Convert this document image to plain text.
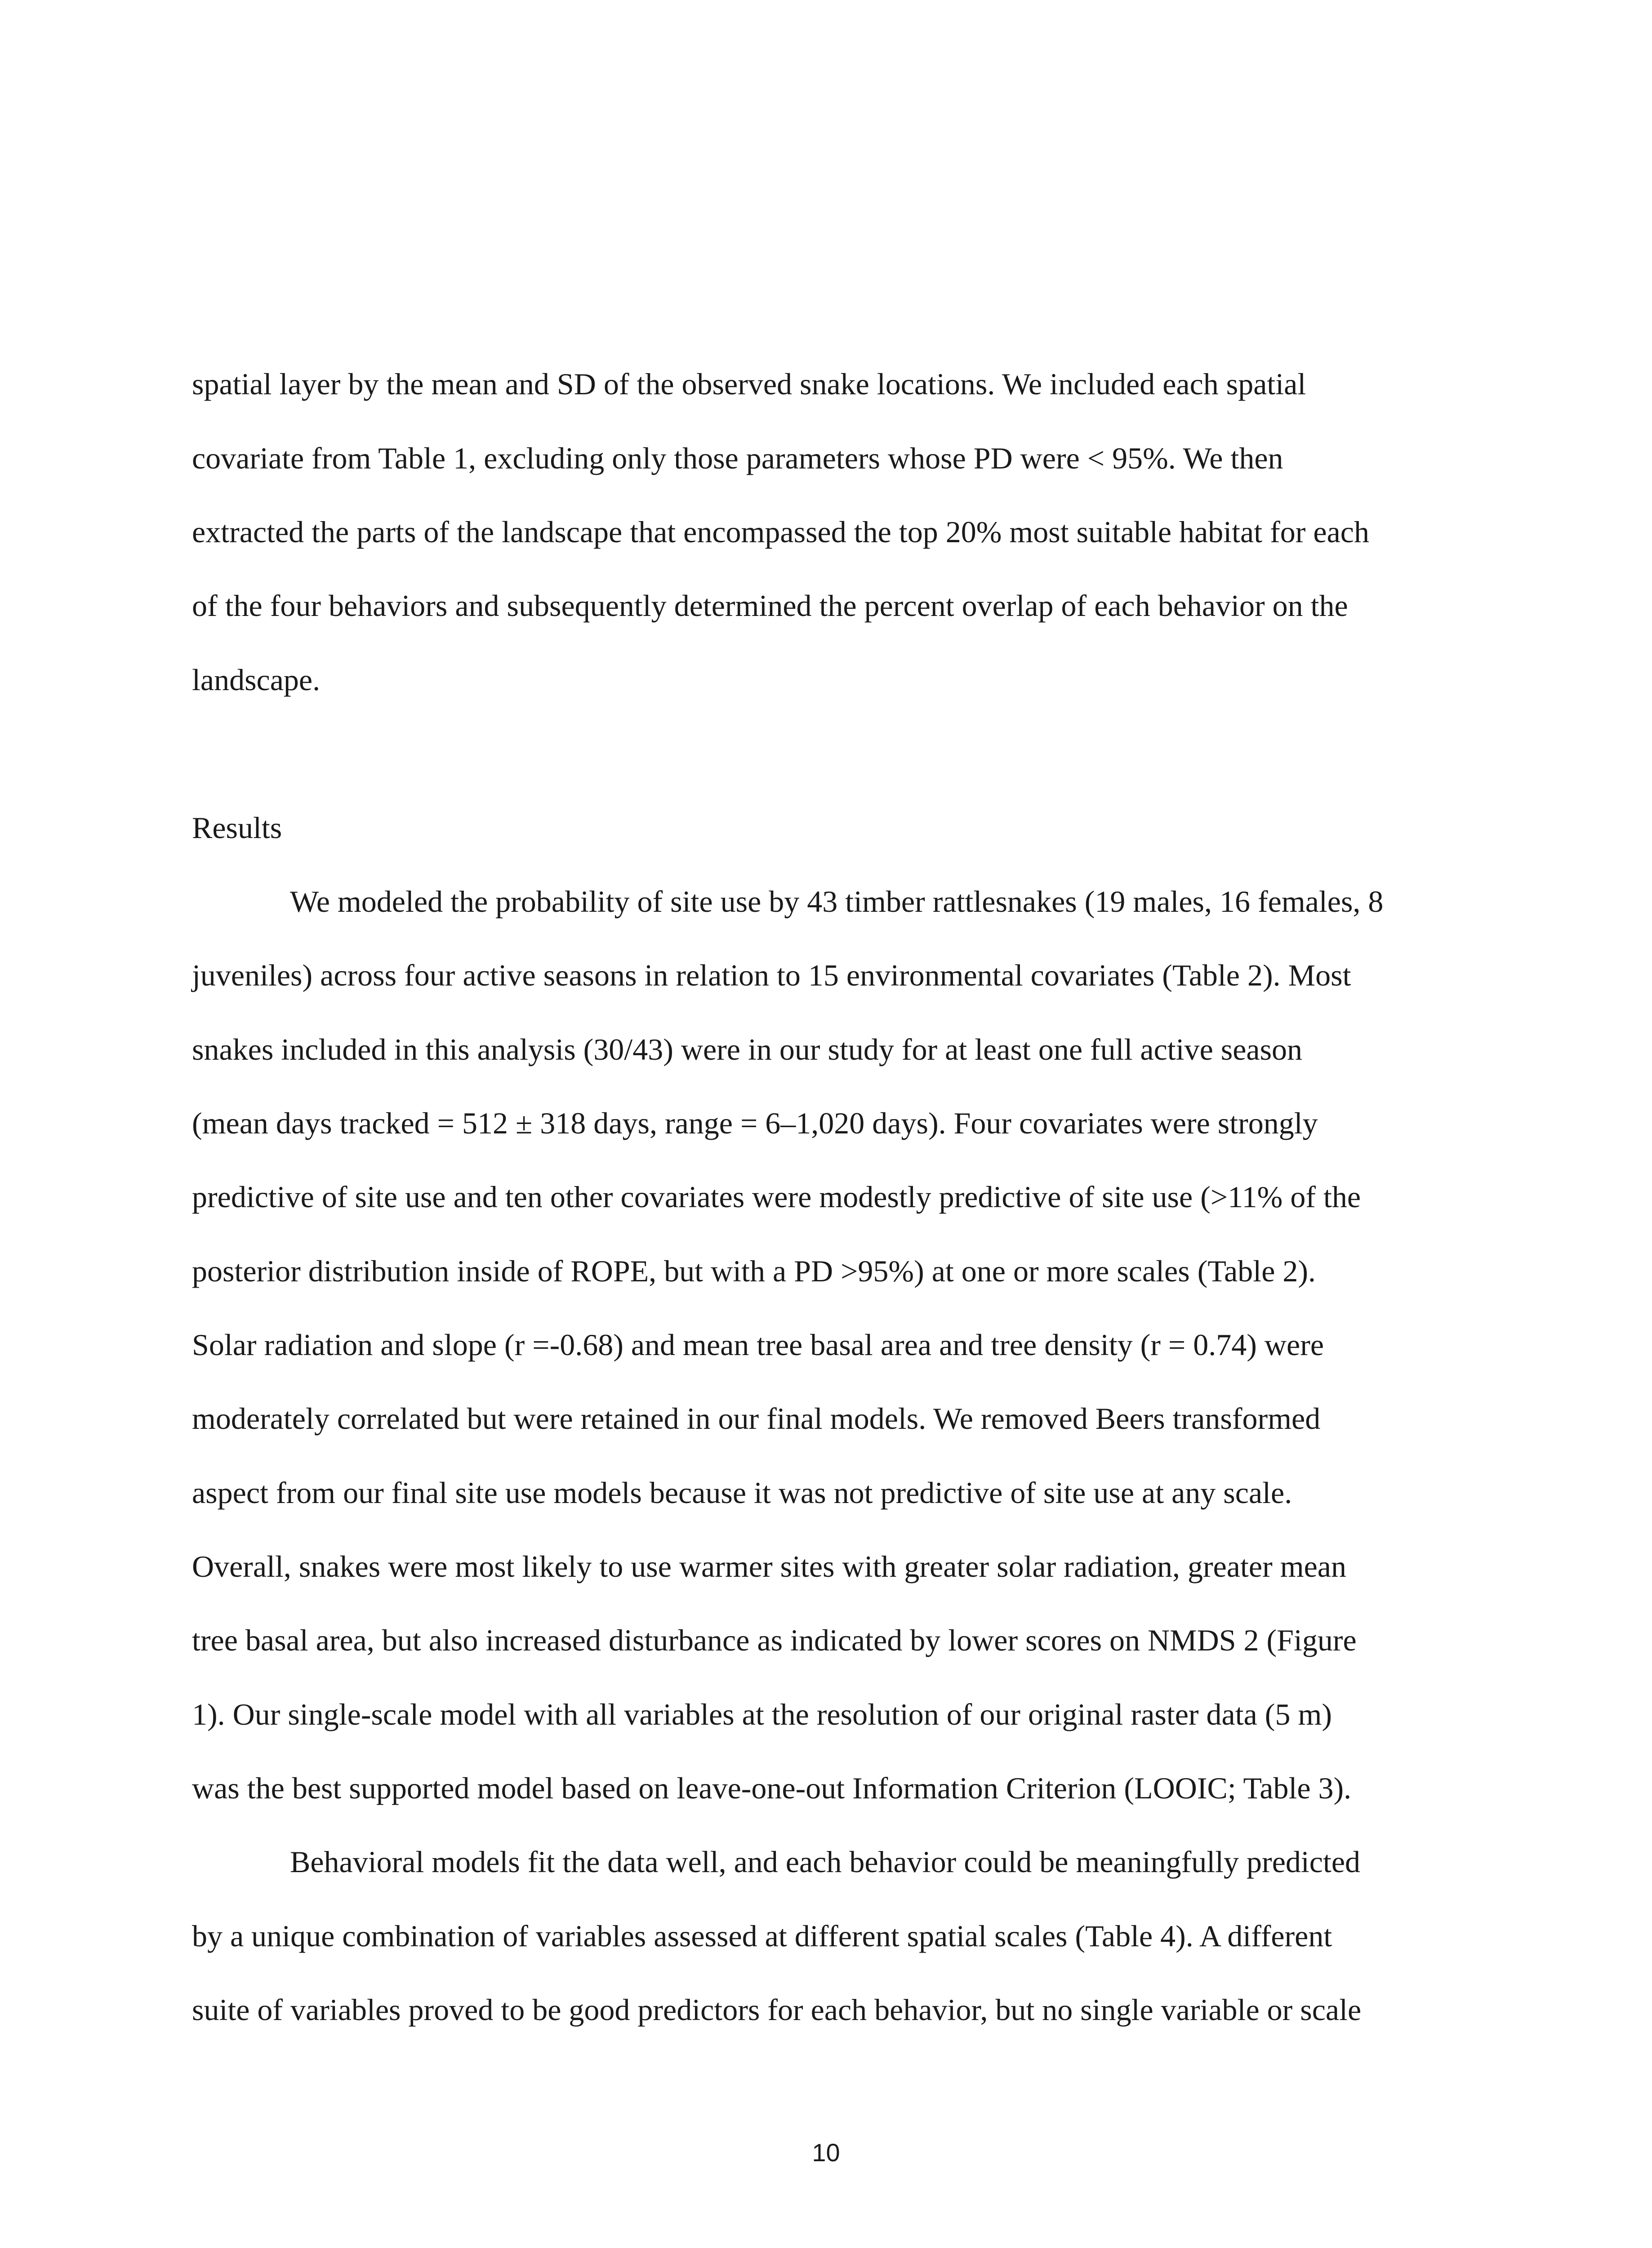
spatial layer by the mean and SD of the observed snake locations. We included each spatial
covariate from Table 1, excluding only those parameters whose PD were < 95%. We then
extracted the parts of the landscape that encompassed the top 20% most suitable habitat for each
of the four behaviors and subsequently determined the percent overlap of each behavior on the
landscape.
Results
We modeled the probability of site use by 43 timber rattlesnakes (19 males, 16 females, 8
juveniles) across four active seasons in relation to 15 environmental covariates (Table 2). Most
snakes included in this analysis (30/43) were in our study for at least one full active season
(mean days tracked = 512 ± 318 days, range = 6–1,020 days). Four covariates were strongly
predictive of site use and ten other covariates were modestly predictive of site use (>11% of the
posterior distribution inside of ROPE, but with a PD >95%) at one or more scales (Table 2).
Solar radiation and slope (r =-0.68) and mean tree basal area and tree density (r = 0.74) were
moderately correlated but were retained in our final models. We removed Beers transformed
aspect from our final site use models because it was not predictive of site use at any scale.
Overall, snakes were most likely to use warmer sites with greater solar radiation, greater mean
tree basal area, but also increased disturbance as indicated by lower scores on NMDS 2 (Figure
1). Our single-scale model with all variables at the resolution of our original raster data (5 m)
was the best supported model based on leave-one-out Information Criterion (LOOIC; Table 3).
Behavioral models fit the data well, and each behavior could be meaningfully predicted
by a unique combination of variables assessed at different spatial scales (Table 4). A different
suite of variables proved to be good predictors for each behavior, but no single variable or scale
10
